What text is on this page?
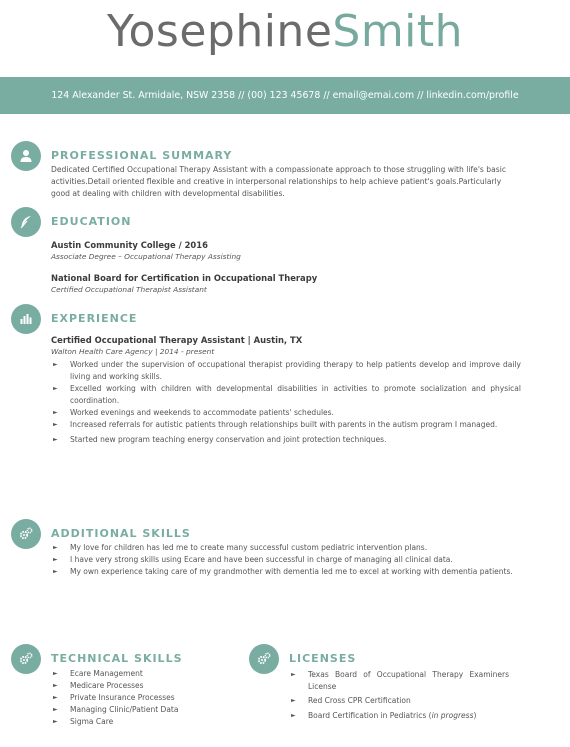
YosephineSmith
124 Alexander St. Armidale, NSW 2358 // (00) 123 45678 // email@emai.com // linkedin.com/profile
PROFESSIONAL SUMMARY
Dedicated Certified Occupational Therapy Assistant with a compassionate approach to those struggling with life's basic activities.Detail oriented flexible and creative in interpersonal relationships to help achieve patient's goals.Particularly good at dealing with children with developmental disabilities.
EDUCATION
Austin Community College / 2016
Associate Degree – Occupational Therapy Assisting
National Board for Certification in Occupational Therapy
Certified Occupational Therapist Assistant
EXPERIENCE
Certified Occupational Therapy Assistant | Austin, TX
Walton Health Care Agency | 2014 - present
► Worked under the supervision of occupational therapist providing therapy to help patients develop and improve daily living and working skills.
► Excelled working with children with developmental disabilities in activities to promote socialization and physical coordination.
► Worked evenings and weekends to accommodate patients' schedules.
► Increased referrals for autistic patients through relationships built with parents in the autism program I managed.
► Started new program teaching energy conservation and joint protection techniques.
ADDITIONAL SKILLS
► My love for children has led me to create many successful custom pediatric intervention plans.
► I have very strong skills using Ecare and have been successful in charge of managing all clinical data.
► My own experience taking care of my grandmother with dementia led me to excel at working with dementia patients.
TECHNICAL SKILLS
► Ecare Management
► Medicare Processes
► Private Insurance Processes
► Managing Clinic/Patient Data
► Sigma Care
LICENSES
► Texas Board of Occupational Therapy Examiners License
► Red Cross CPR Certification
► Board Certification in Pediatrics (in progress)
